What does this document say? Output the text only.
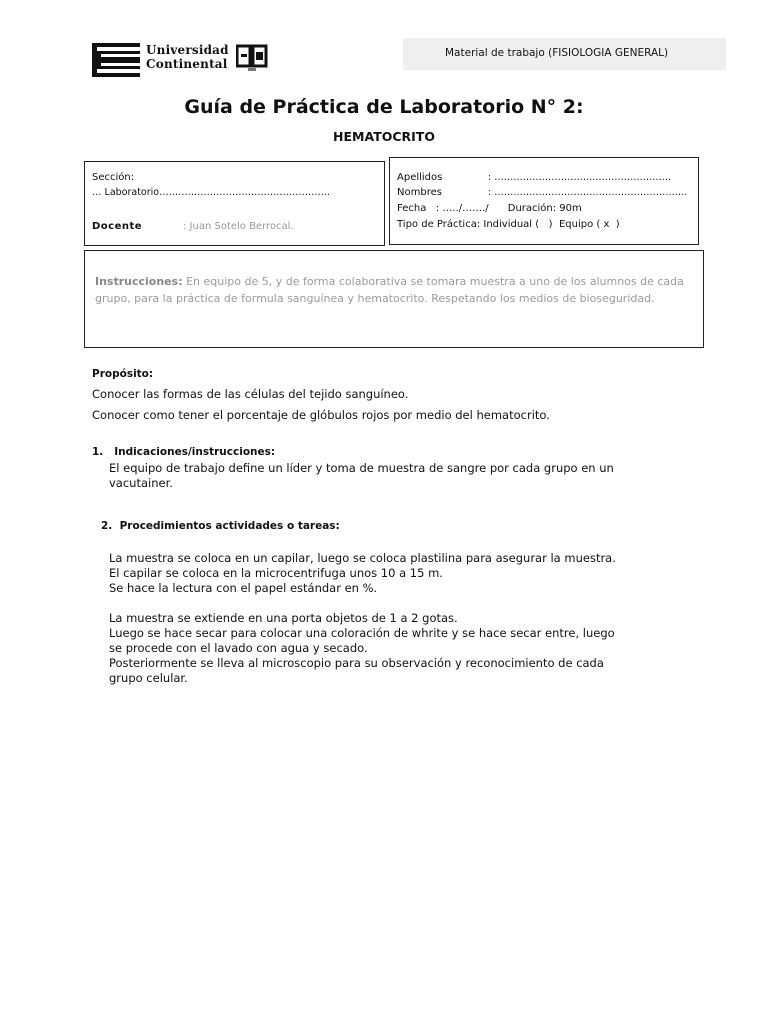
Universidad
Continental
Material de trabajo (FISIOLOGIA GENERAL)
Guía de Práctica de Laboratorio N° 2:
HEMATOCRITO
Sección:
… Laboratorio………………………………………………
Docente	: Juan Sotelo Berrocal.
Apellidos	: …………………………..……………………
Nombres	: …………………………………………………….
Fecha   : …../……./      Duración: 90m
Tipo de Práctica: Individual (   )  Equipo ( x  )
Instrucciones: En equipo de 5, y de forma colaborativa se tomara muestra a uno de los alumnos de cada grupo, para la práctica de formula sanguínea y hematocrito. Respetando los medios de bioseguridad.
Propósito:
Conocer las formas de las células del tejido sanguíneo.
Conocer como tener el porcentaje de glóbulos rojos por medio del hematocrito.
1.   Indicaciones/instrucciones:
El equipo de trabajo define un líder y toma de muestra de sangre por cada grupo en un vacutainer.
2.  Procedimientos actividades o tareas:
La muestra se coloca en un capilar, luego se coloca plastilina para asegurar la muestra.
El capilar se coloca en la microcentrifuga unos 10 a 15 m.
Se hace la lectura con el papel estándar en %.
La muestra se extiende en una porta objetos de 1 a 2 gotas.
Luego se hace secar para colocar una coloración de whrite y se hace secar entre, luego
se procede con el lavado con agua y secado.
Posteriormente se lleva al microscopio para su observación y reconocimiento de cada
grupo celular.
